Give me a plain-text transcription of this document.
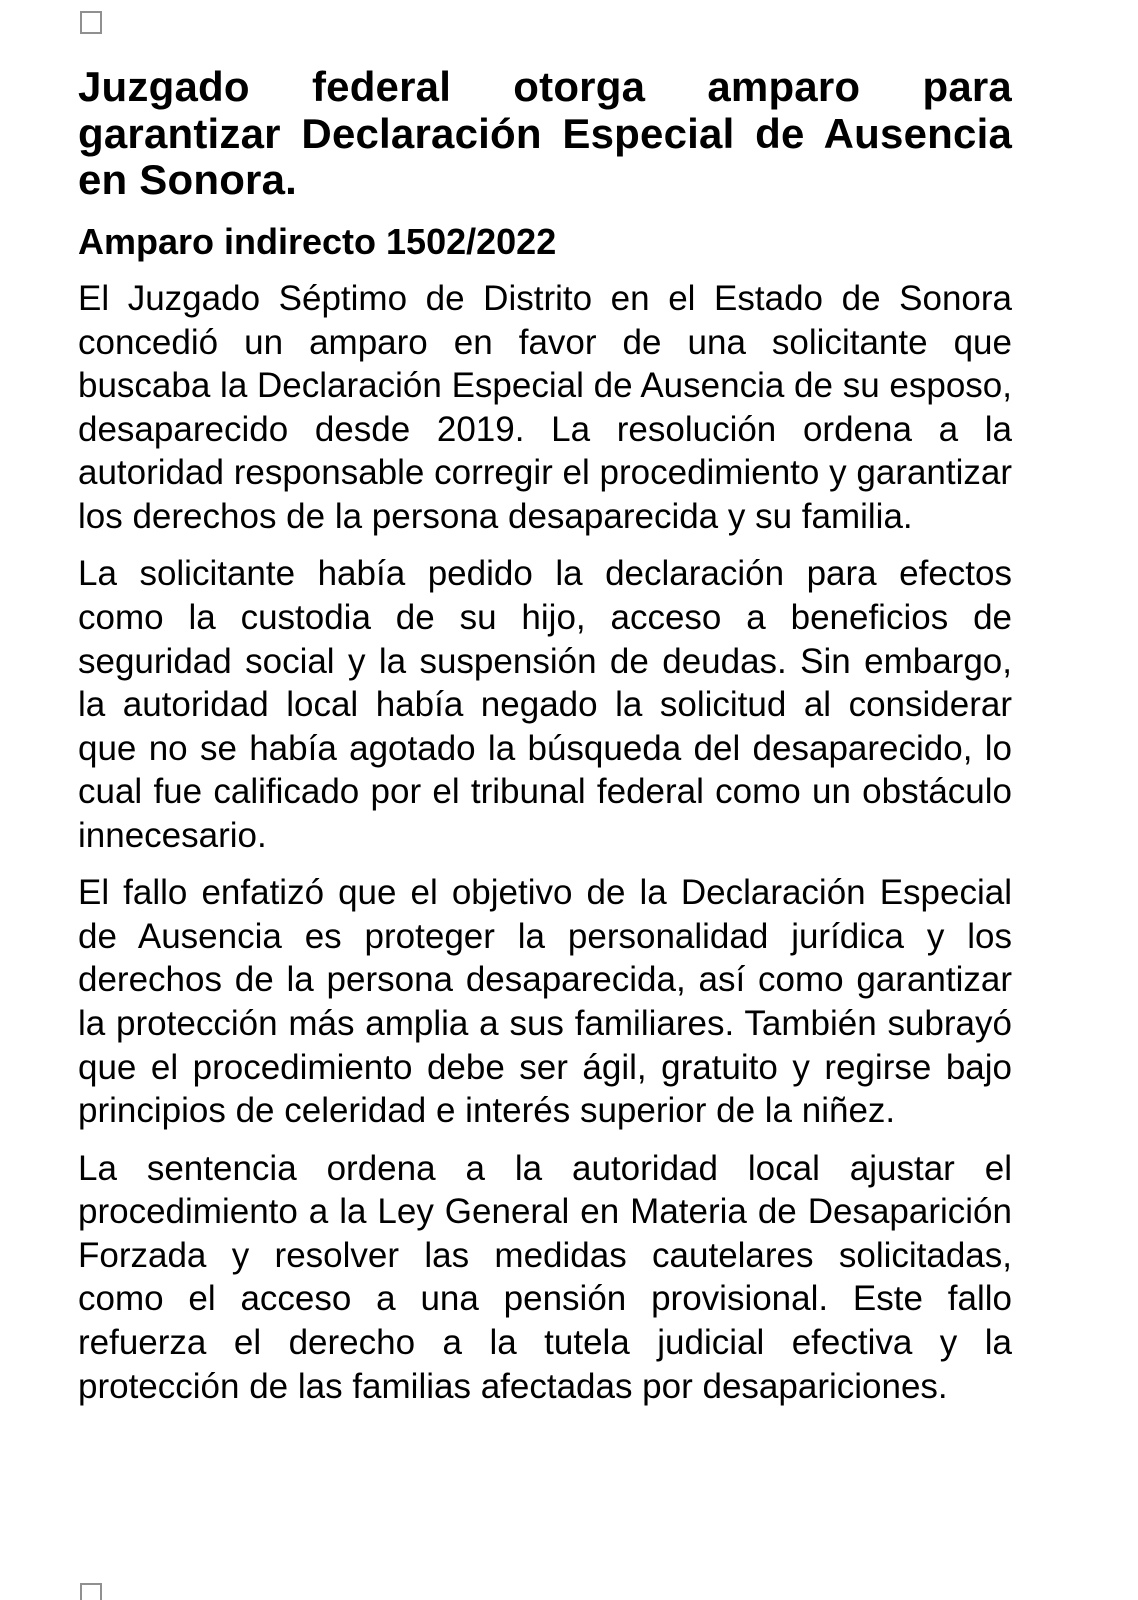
Juzgado federal otorga amparo para garantizar Declaración Especial de Ausencia en Sonora.
Amparo indirecto 1502/2022

El Juzgado Séptimo de Distrito en el Estado de Sonora concedió un amparo en favor de una solicitante que buscaba la Declaración Especial de Ausencia de su esposo, desaparecido desde 2019. La resolución ordena a la autoridad responsable corregir el procedimiento y garantizar los derechos de la persona desaparecida y su familia.

La solicitante había pedido la declaración para efectos como la custodia de su hijo, acceso a beneficios de seguridad social y la suspensión de deudas. Sin embargo, la autoridad local había negado la solicitud al considerar que no se había agotado la búsqueda del desaparecido, lo cual fue calificado por el tribunal federal como un obstáculo innecesario.

El fallo enfatizó que el objetivo de la Declaración Especial de Ausencia es proteger la personalidad jurídica y los derechos de la persona desaparecida, así como garantizar la protección más amplia a sus familiares. También subrayó que el procedimiento debe ser ágil, gratuito y regirse bajo principios de celeridad e interés superior de la niñez.

La sentencia ordena a la autoridad local ajustar el procedimiento a la Ley General en Materia de Desaparición Forzada y resolver las medidas cautelares solicitadas, como el acceso a una pensión provisional. Este fallo refuerza el derecho a la tutela judicial efectiva y la protección de las familias afectadas por desapariciones.
